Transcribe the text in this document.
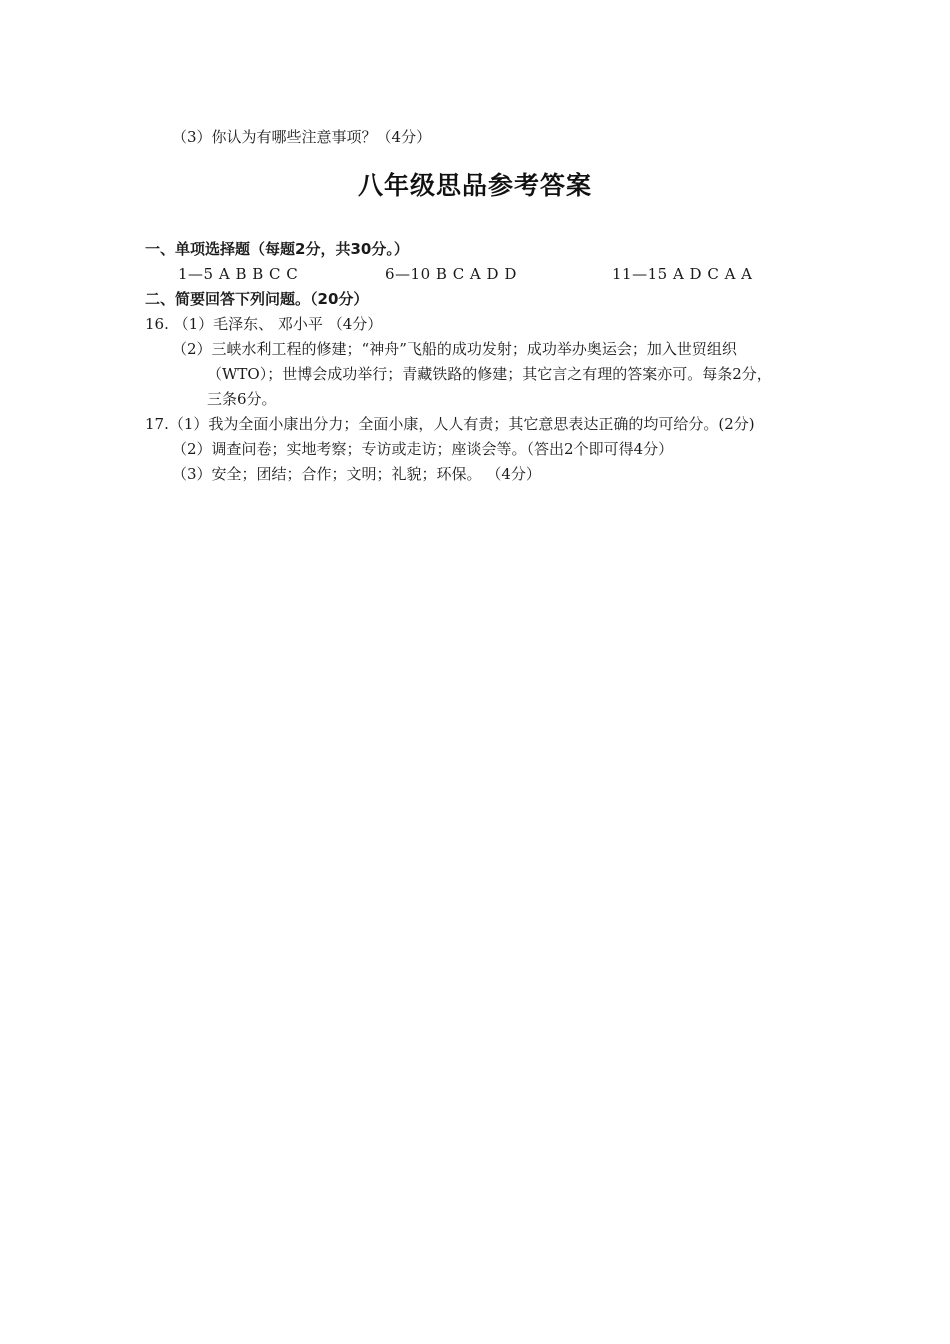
（3）你认为有哪些注意事项？（4分）
八年级思品参考答案
一、单项选择题（每题2分，共30分。）
1—5 A B B C C	6—10 B C A D D	11—15 A D C A A
二、简要回答下列问题。（20分）
16. （1）毛泽东、 邓小平 （4分）
（2）三峡水利工程的修建；“神舟”飞船的成功发射；成功举办奥运会；加入世贸组织
（WTO）；世博会成功举行；青藏铁路的修建；其它言之有理的答案亦可。每条2分，
三条6分。
17.（1）我为全面小康出分力；全面小康，人人有责；其它意思表达正确的均可给分。(2分)
（2）调查问卷；实地考察；专访或走访；座谈会等。（答出2个即可得4分）
（3）安全；团结；合作；文明；礼貌；环保。 （4分）
